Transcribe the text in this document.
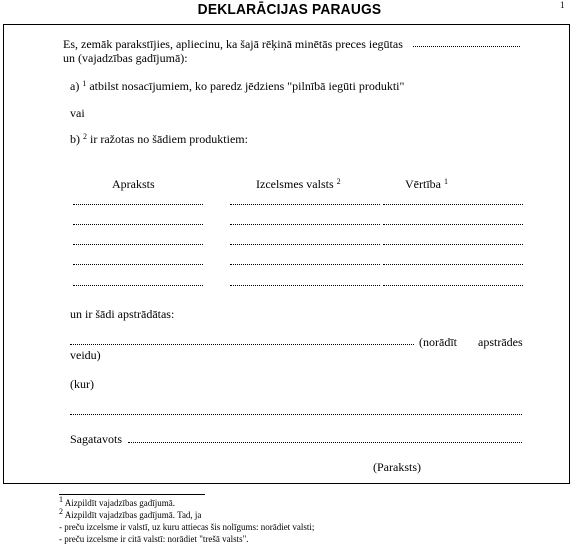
DEKLARĀCIJAS PARAUGS	1
Es, zemāk parakstījies, apliecinu, ka šajā rēķinā minētās preces iegūtas
un (vajadzības gadījumā):
a) $^1$ atbilst nosacījumiem, ko paredz jēdziens "pilnībā iegūti produkti"
vai
b) $^2$ ir ražotas no šādiem produktiem:
Apraksts	Izcelsmes valsts $^2$	Vērtība $^1$
un ir šādi apstrādātas:
(norādīt apstrādes
veidu)
(kur)
Sagatavots
(Paraksts)
$^1$ Aizpildīt vajadzības gadījumā.
$^2$ Aizpildīt vajadzības gadījumā. Tad, ja
- preču izcelsme ir valstī, uz kuru attiecas šis nolīgums: norādiet valsti;
- preču izcelsme ir citā valstī: norādiet "trešā valsts".
